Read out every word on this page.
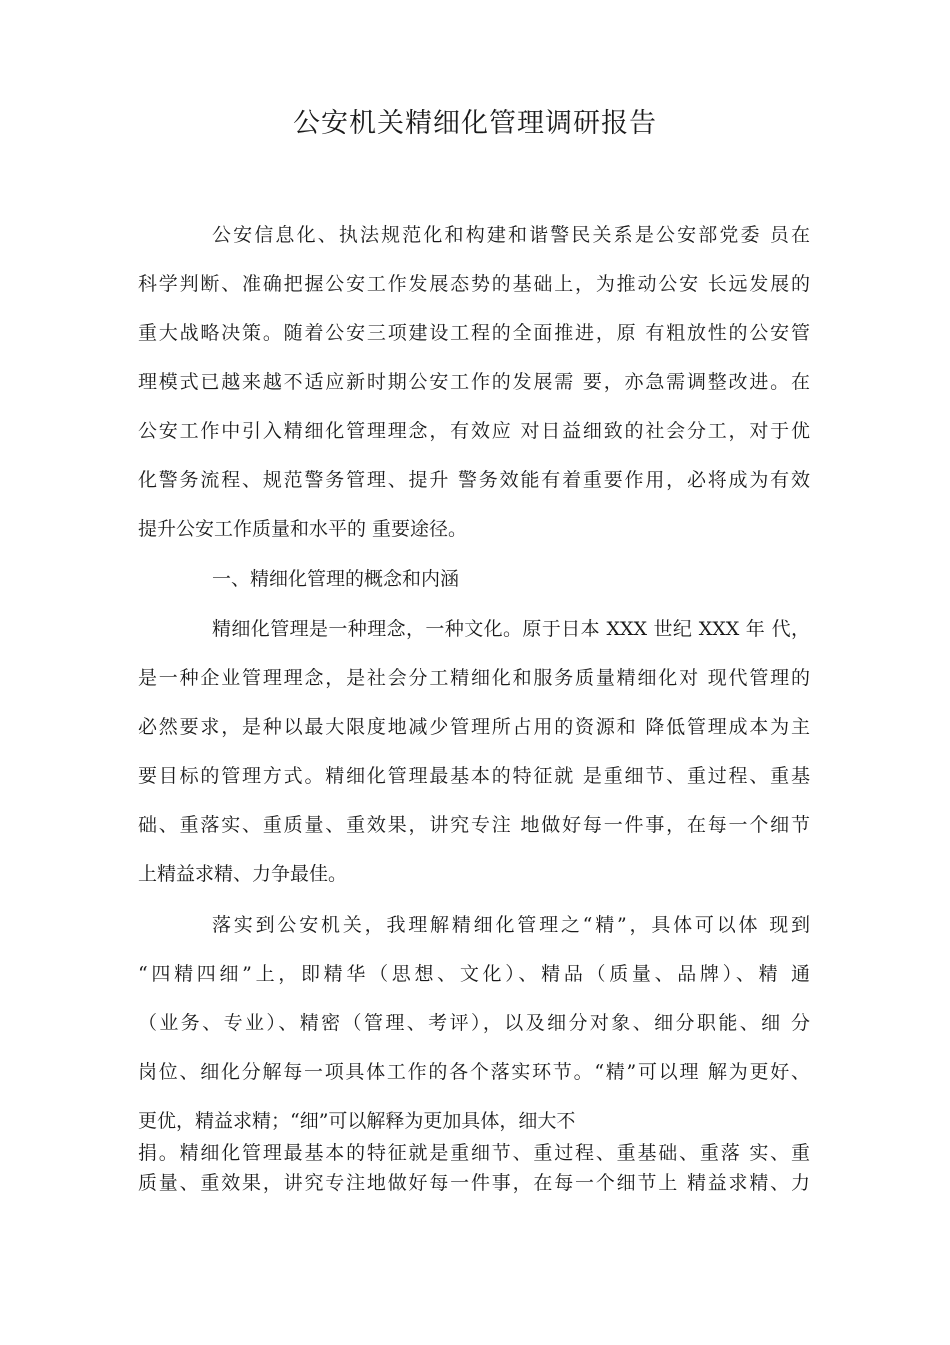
公安机关精细化管理调研报告
公安信息化、执法规范化和构建和谐警民关系是公安部党委 员在
科学判断、准确把握公安工作发展态势的基础上，为推动公安 长远发展的
重大战略决策。随着公安三项建设工程的全面推进，原 有粗放性的公安管
理模式已越来越不适应新时期公安工作的发展需 要，亦急需调整改进。在
公安工作中引入精细化管理理念，有效应 对日益细致的社会分工，对于优
化警务流程、规范警务管理、提升 警务效能有着重要作用，必将成为有效
提升公安工作质量和水平的 重要途径。
一、精细化管理的概念和内涵
精细化管理是一种理念，一种文化。原于日本 XXX 世纪 XXX 年 代，
是一种企业管理理念，是社会分工精细化和服务质量精细化对 现代管理的
必然要求，是种以最大限度地减少管理所占用的资源和 降低管理成本为主
要目标的管理方式。精细化管理最基本的特征就 是重细节、重过程、重基
础、重落实、重质量、重效果，讲究专注 地做好每一件事，在每一个细节
上精益求精、力争最佳。
落实到公安机关，我理解精细化管理之“精”，具体可以体 现到
“四精四细”上，即精华（思想、文化）、精品（质量、品牌）、精 通
（业务、专业）、精密（管理、考评），以及细分对象、细分职能、细 分
岗位、细化分解每一项具体工作的各个落实环节。“精”可以理 解为更好、
更优，精益求精；“细”可以解释为更加具体，细大不
捐。精细化管理最基本的特征就是重细节、重过程、重基础、重落 实、重
质量、重效果，讲究专注地做好每一件事，在每一个细节上 精益求精、力
